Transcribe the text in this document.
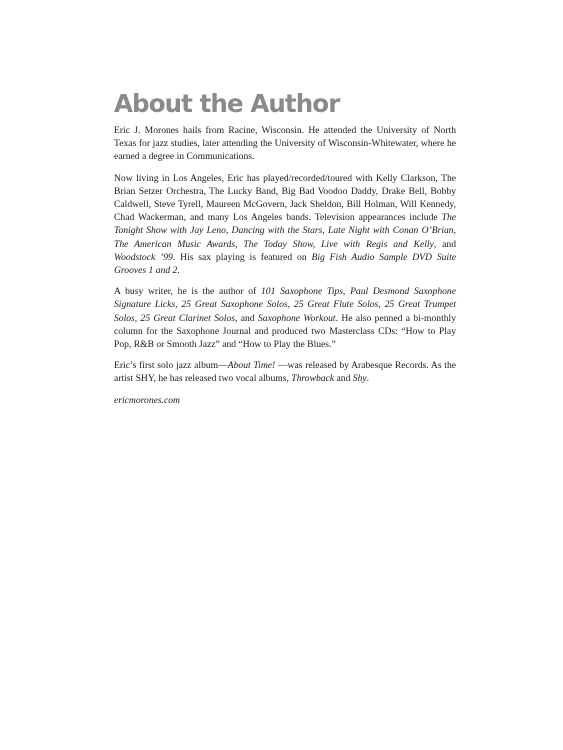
About the Author

Eric J. Morones hails from Racine, Wisconsin. He attended the University of North Texas for jazz studies, later attending the University of Wisconsin-Whitewater, where he earned a degree in Communications.

Now living in Los Angeles, Eric has played/recorded/toured with Kelly Clarkson, The Brian Setzer Orchestra, The Lucky Band, Big Bad Voodoo Daddy, Drake Bell, Bobby Caldwell, Steve Tyrell, Maureen McGovern, Jack Sheldon, Bill Holman, Will Kennedy, Chad Wackerman, and many Los Angeles bands. Television appearances include The Tonight Show with Jay Leno, Dancing with the Stars, Late Night with Conan O’Brian, The American Music Awards, The Today Show, Live with Regis and Kelly, and Woodstock ’99. His sax playing is featured on Big Fish Audio Sample DVD Suite Grooves 1 and 2.

A busy writer, he is the author of 101 Saxophone Tips, Paul Desmond Saxophone Signature Licks, 25 Great Saxophone Solos, 25 Great Flute Solos, 25 Great Trumpet Solos, 25 Great Clarinet Solos, and Saxophone Workout. He also penned a bi-monthly column for the Saxophone Journal and produced two Masterclass CDs: “How to Play Pop, R&B or Smooth Jazz” and “How to Play the Blues.”

Eric’s first solo jazz album—About Time! —was released by Arabesque Records. As the artist SHY, he has released two vocal albums, Throwback and Shy.

ericmorones.com
